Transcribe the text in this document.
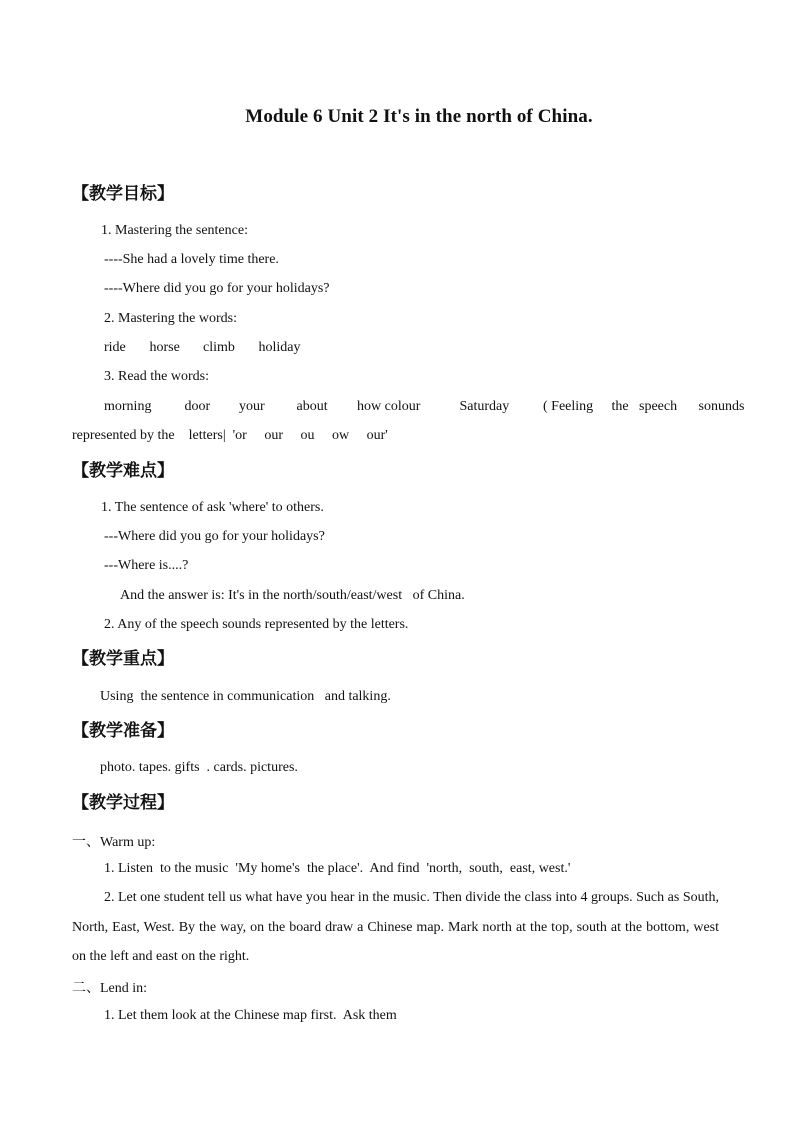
Module 6 Unit 2 It's in the north of China.
【教学目标】
1. Mastering the sentence:
----She had a lovely time there.
----Where did you go for your holidays?
2. Mastering the words:
ride horse climb holiday
3. Read the words:
morning door your about how colour	Saturday ( Feeling the speech sonunds
represented by the    letters|  'or     our     ou     ow     our'
【教学难点】
1. The sentence of ask 'where' to others.
---Where did you go for your holidays?
---Where is....?
And the answer is: It's in the north/south/east/west   of China.
2. Any of the speech sounds represented by the letters.
【教学重点】
Using  the sentence in communication   and talking.
【教学准备】
photo. tapes. gifts  . cards. pictures.
【教学过程】
一、Warm up:
1. Listen  to the music  'My home's  the place'.  And find  'north,  south,  east, west.'
2. Let one student tell us what have you hear in the music. Then divide the class into 4 groups. Such as South, North, East, West. By the way, on the board draw a Chinese map. Mark north at the top, south at the bottom, west on the left and east on the right.
二、Lend in:
1. Let them look at the Chinese map first.  Ask them
